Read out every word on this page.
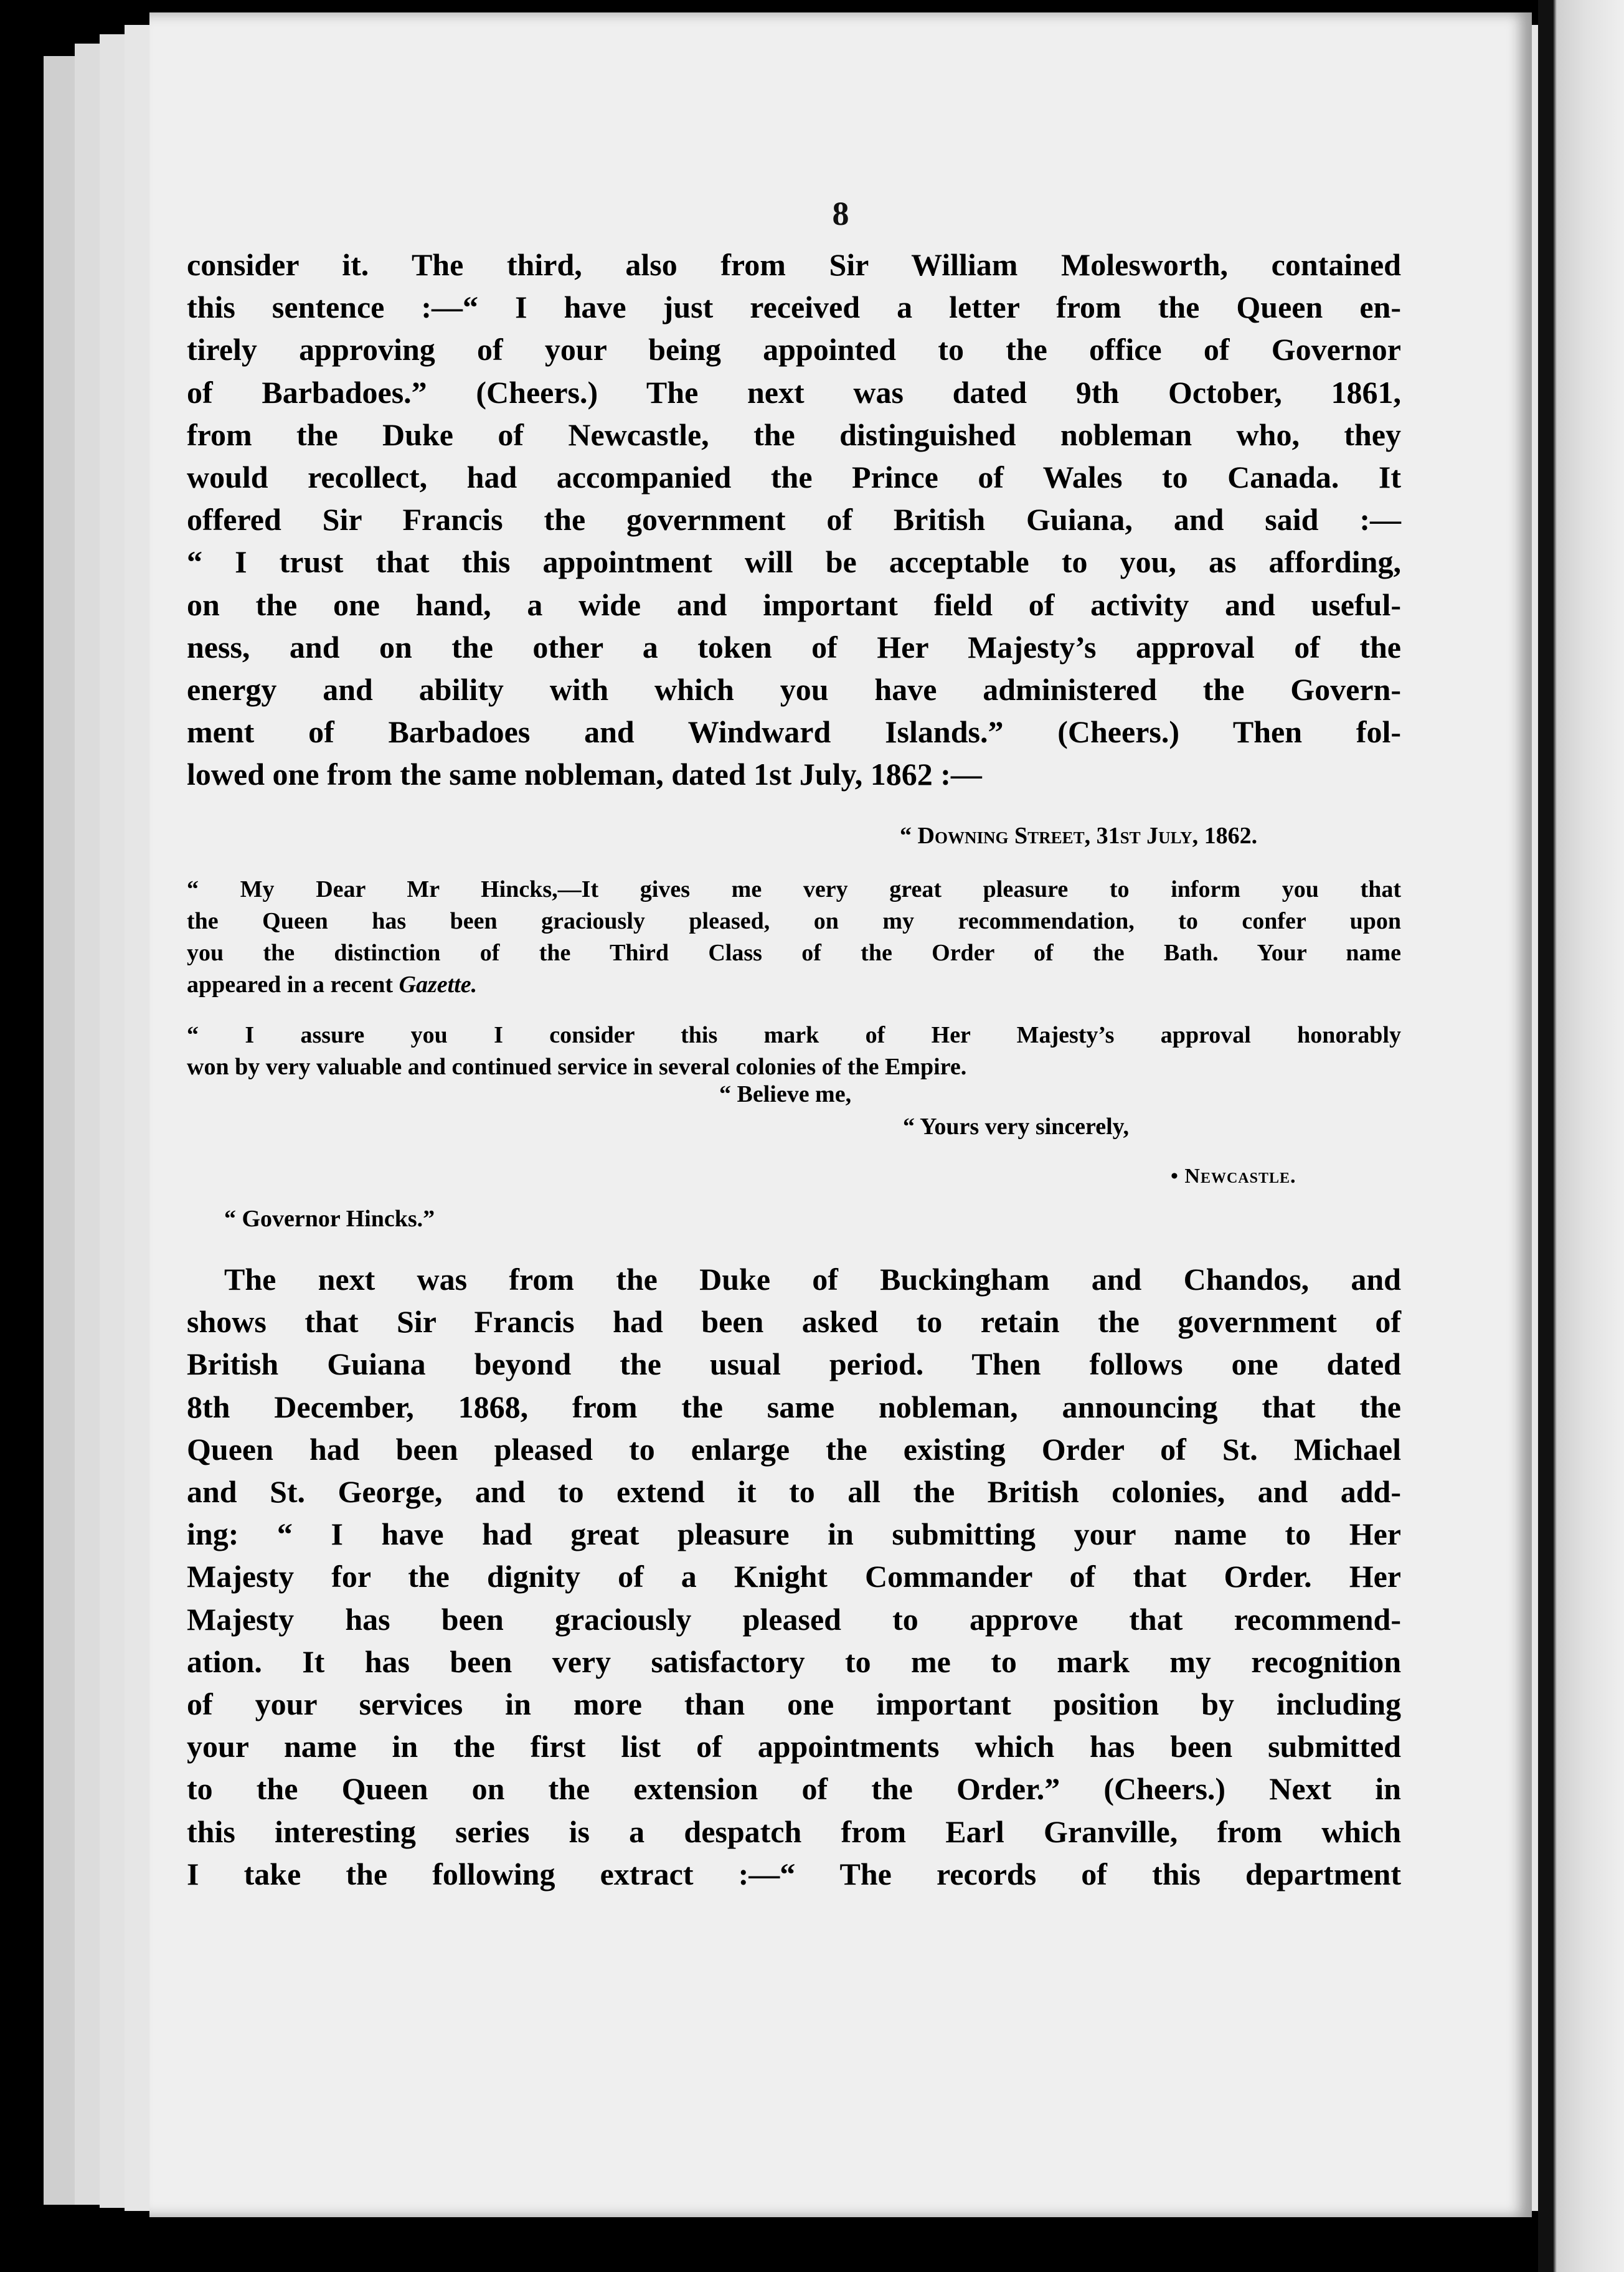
8
consider it. The third, also from Sir William Molesworth, contained
this sentence :—“ I have just received a letter from the Queen en-
tirely approving of your being appointed to the office of Governor
of Barbadoes.” (Cheers.) The next was dated 9th October, 1861,
from the Duke of Newcastle, the distinguished nobleman who, they
would recollect, had accompanied the Prince of Wales to Canada. It
offered Sir Francis the government of British Guiana, and said :—
“ I trust that this appointment will be acceptable to you, as affording,
on the one hand, a wide and important field of activity and useful-
ness, and on the other a token of Her Majesty’s approval of the
energy and ability with which you have administered the Govern-
ment of Barbadoes and Windward Islands.” (Cheers.) Then fol-
lowed one from the same nobleman, dated 1st July, 1862 :—
“ Downing Street, 31st July, 1862.
“ My Dear Mr Hincks,—It gives me very great pleasure to inform you that
the Queen has been graciously pleased, on my recommendation, to confer upon
you the distinction of the Third Class of the Order of the Bath. Your name
appeared in a recent Gazette.
“ I assure you I consider this mark of Her Majesty’s approval honorably
won by very valuable and continued service in several colonies of the Empire.
“ Believe me,
“ Yours very sincerely,
• Newcastle.
“ Governor Hincks.”
The next was from the Duke of Buckingham and Chandos, and
shows that Sir Francis had been asked to retain the government of
British Guiana beyond the usual period. Then follows one dated
8th December, 1868, from the same nobleman, announcing that the
Queen had been pleased to enlarge the existing Order of St. Michael
and St. George, and to extend it to all the British colonies, and add-
ing: “ I have had great pleasure in submitting your name to Her
Majesty for the dignity of a Knight Commander of that Order. Her
Majesty has been graciously pleased to approve that recommend-
ation. It has been very satisfactory to me to mark my recognition
of your services in more than one important position by including
your name in the first list of appointments which has been submitted
to the Queen on the extension of the Order.” (Cheers.) Next in
this interesting series is a despatch from Earl Granville, from which
I take the following extract :—“ The records of this department
